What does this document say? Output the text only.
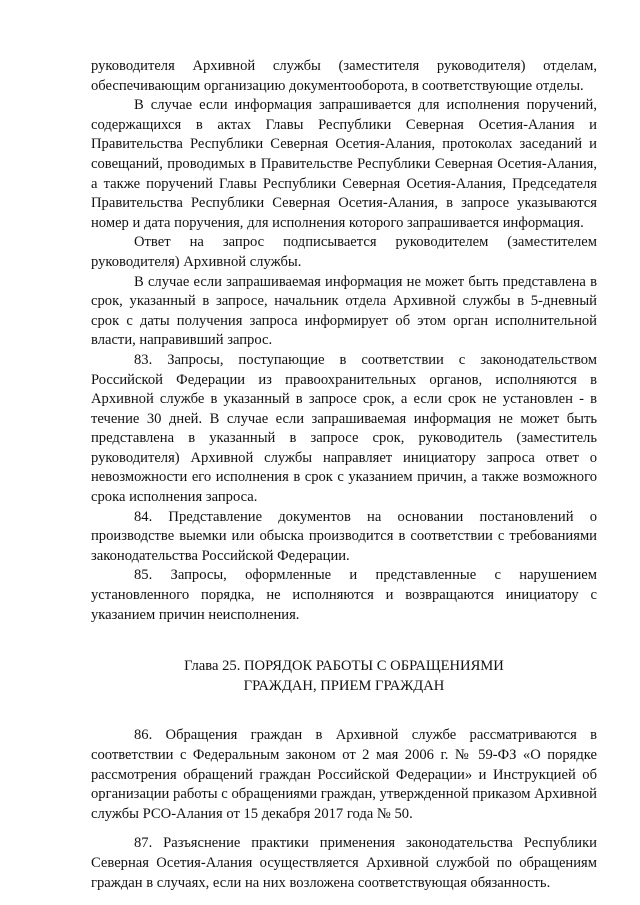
руководителя Архивной службы (заместителя руководителя) отделам, обеспечивающим организацию документооборота, в соответствующие отделы.

В случае если информация запрашивается для исполнения поручений, содержащихся в актах Главы Республики Северная Осетия-Алания и Правительства Республики Северная Осетия-Алания, протоколах заседаний и совещаний, проводимых в Правительстве Республики Северная Осетия-Алания, а также поручений Главы Республики Северная Осетия-Алания, Председателя Правительства Республики Северная Осетия-Алания, в запросе указываются номер и дата поручения, для исполнения которого запрашивается информация.

Ответ на запрос подписывается руководителем (заместителем руководителя) Архивной службы.

В случае если запрашиваемая информация не может быть представлена в срок, указанный в запросе, начальник отдела Архивной службы в 5-дневный срок с даты получения запроса информирует об этом орган исполнительной власти, направивший запрос.

83. Запросы, поступающие в соответствии с законодательством Российской Федерации из правоохранительных органов, исполняются в Архивной службе в указанный в запросе срок, а если срок не установлен - в течение 30 дней. В случае если запрашиваемая информация не может быть представлена в указанный в запросе срок, руководитель (заместитель руководителя) Архивной службы направляет инициатору запроса ответ о невозможности его исполнения в срок с указанием причин, а также возможного срока исполнения запроса.

84. Представление документов на основании постановлений о производстве выемки или обыска производится в соответствии с требованиями законодательства Российской Федерации.

85. Запросы, оформленные и представленные с нарушением установленного порядка, не исполняются и возвращаются инициатору с указанием причин неисполнения.

Глава 25. ПОРЯДОК РАБОТЫ С ОБРАЩЕНИЯМИ
ГРАЖДАН, ПРИЕМ ГРАЖДАН

86. Обращения граждан в Архивной службе рассматриваются в соответствии с Федеральным законом от 2 мая 2006 г. № 59-ФЗ «О порядке рассмотрения обращений граждан Российской Федерации» и Инструкцией об организации работы с обращениями граждан, утвержденной приказом Архивной службы РСО-Алания от 15 декабря 2017 года № 50.

87. Разъяснение практики применения законодательства Республики Северная Осетия-Алания осуществляется Архивной службой по обращениям граждан в случаях, если на них возложена соответствующая обязанность.
